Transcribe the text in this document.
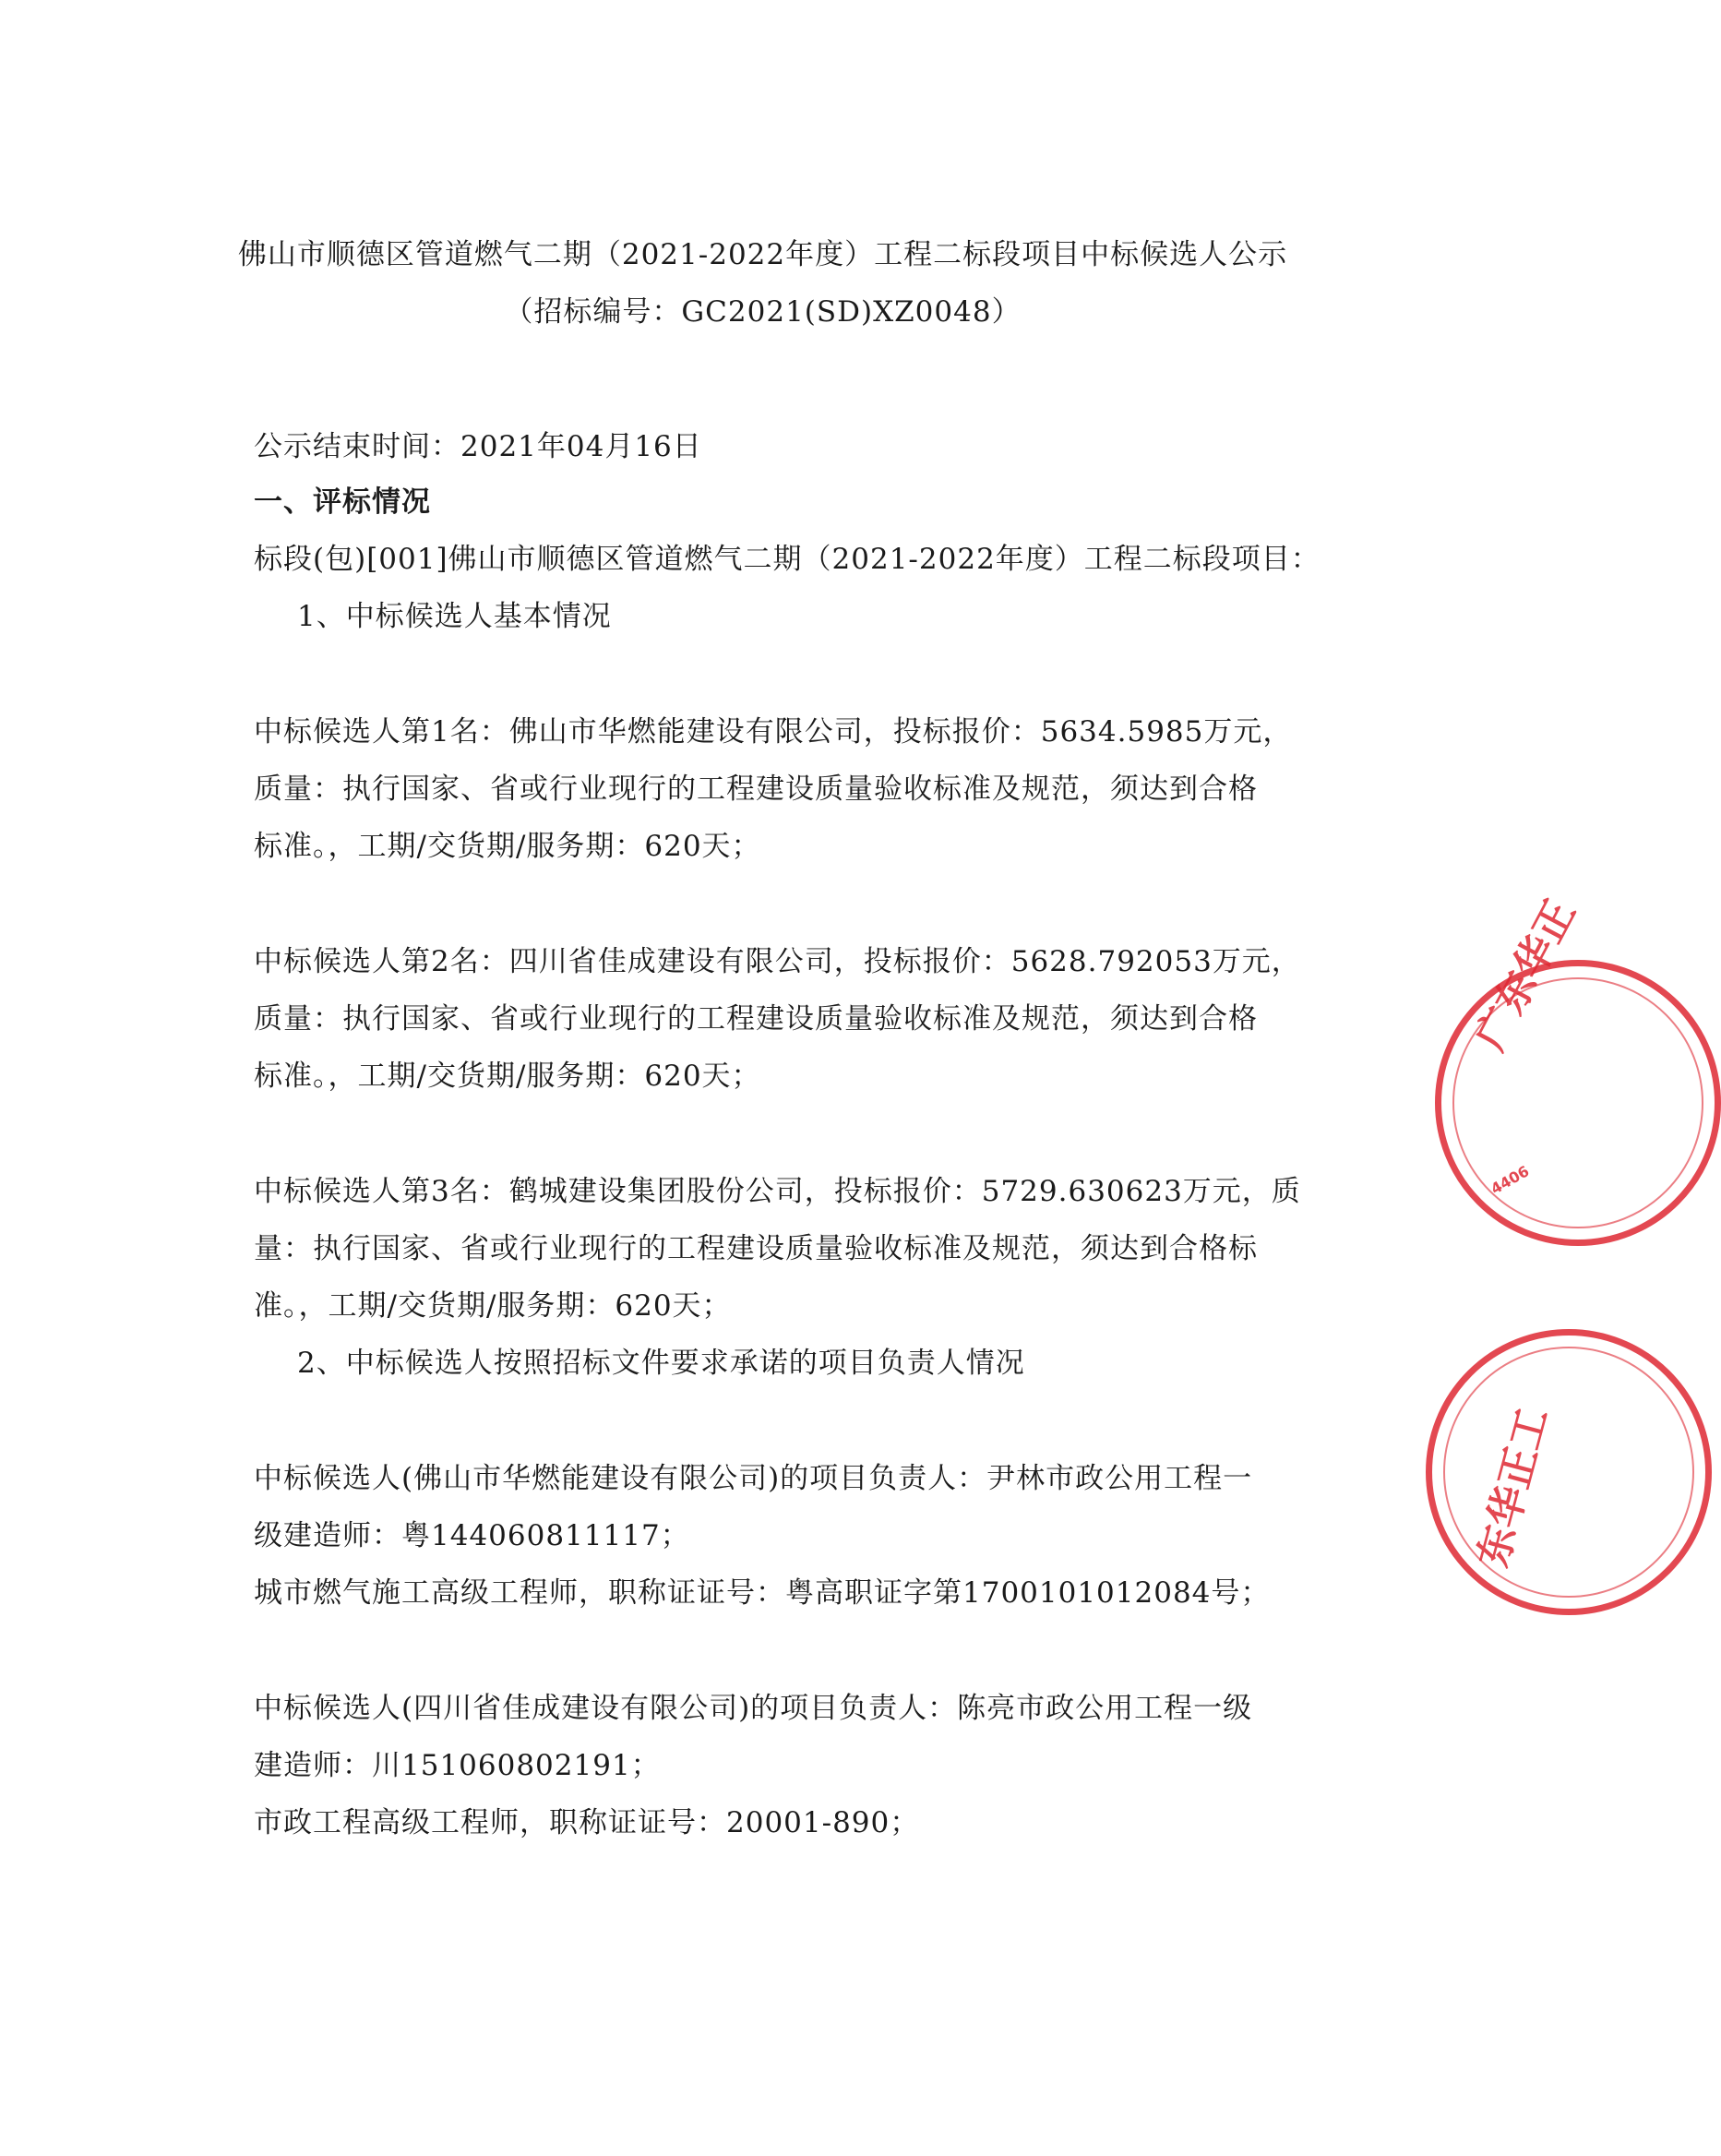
佛山市顺德区管道燃气二期（2021-2022年度）工程二标段项目中标候选人公示
（招标编号：GC2021(SD)XZ0048）
公示结束时间：2021年04月16日
一、评标情况
标段(包)[001]佛山市顺德区管道燃气二期（2021-2022年度）工程二标段项目：
1、中标候选人基本情况
中标候选人第1名：佛山市华燃能建设有限公司，投标报价：5634.5985万元，
质量：执行国家、省或行业现行的工程建设质量验收标准及规范，须达到合格
标准。，工期/交货期/服务期：620天；
中标候选人第2名：四川省佳成建设有限公司，投标报价：5628.792053万元，
质量：执行国家、省或行业现行的工程建设质量验收标准及规范，须达到合格
标准。，工期/交货期/服务期：620天；
中标候选人第3名：鹤城建设集团股份公司，投标报价：5729.630623万元，质
量：执行国家、省或行业现行的工程建设质量验收标准及规范，须达到合格标
准。，工期/交货期/服务期：620天；
2、中标候选人按照招标文件要求承诺的项目负责人情况
中标候选人(佛山市华燃能建设有限公司)的项目负责人：尹林市政公用工程一
级建造师：粤144060811117；
城市燃气施工高级工程师，职称证证号：粤高职证字第1700101012084号；
中标候选人(四川省佳成建设有限公司)的项目负责人：陈亮市政公用工程一级
建造师：川151060802191；
市政工程高级工程师，职称证证号：20001-890；
广东华正
4406
东华正工
